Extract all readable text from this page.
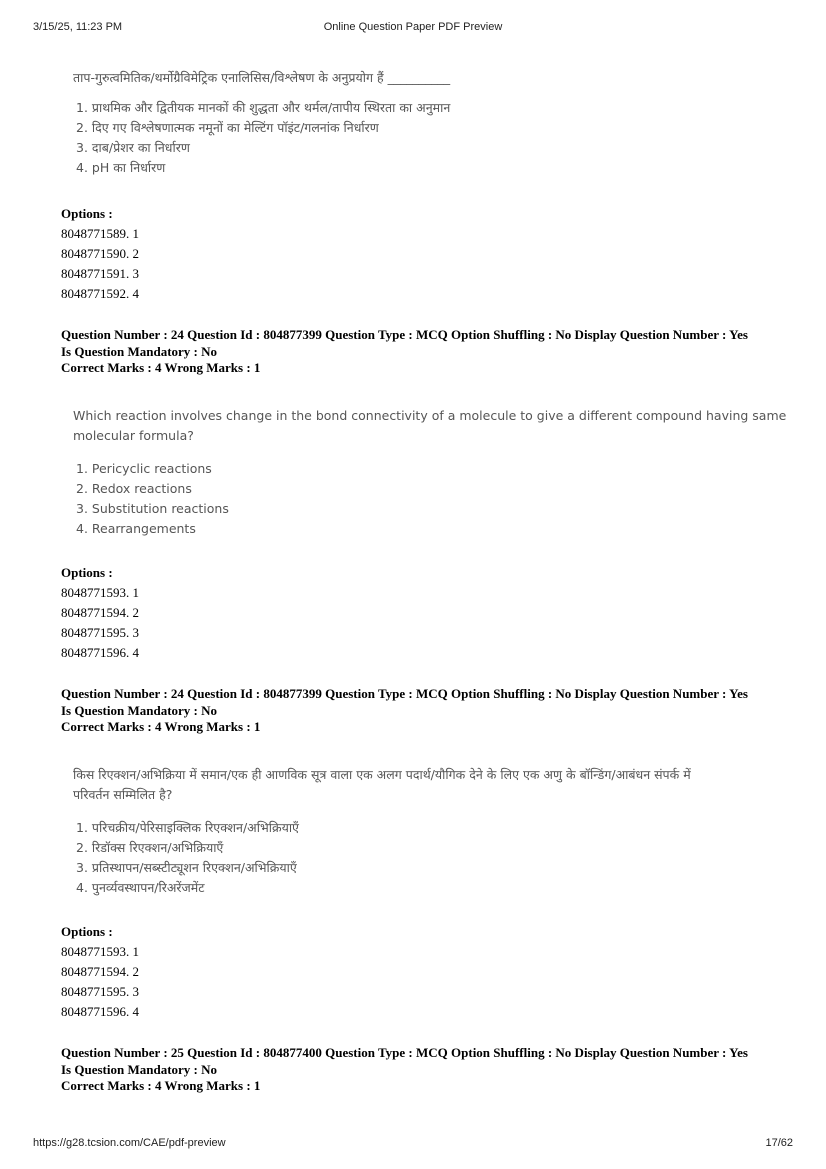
3/15/25, 11:23 PM	Online Question Paper PDF Preview
ताप-गुरुत्वमितिक/थर्मोग्रैविमेट्रिक एनालिसिस/विश्लेषण के अनुप्रयोग हैं __________
1. प्राथमिक और द्वितीयक मानकों की शुद्धता और थर्मल/तापीय स्थिरता का अनुमान
2. दिए गए विश्लेषणात्मक नमूनों का मेल्टिंग पॉइंट/गलनांक निर्धारण
3. दाब/प्रेशर का निर्धारण
4. pH का निर्धारण
Options :
8048771589. 1
8048771590. 2
8048771591. 3
8048771592. 4
Question Number : 24 Question Id : 804877399 Question Type : MCQ Option Shuffling : No Display Question Number : Yes
Is Question Mandatory : No
Correct Marks : 4 Wrong Marks : 1
Which reaction involves change in the bond connectivity of a molecule to give a different compound having same
molecular formula?
1. Pericyclic reactions
2. Redox reactions
3. Substitution reactions
4. Rearrangements
Options :
8048771593. 1
8048771594. 2
8048771595. 3
8048771596. 4
Question Number : 24 Question Id : 804877399 Question Type : MCQ Option Shuffling : No Display Question Number : Yes
Is Question Mandatory : No
Correct Marks : 4 Wrong Marks : 1
किस रिएक्शन/अभिक्रिया में समान/एक ही आणविक सूत्र वाला एक अलग पदार्थ/यौगिक देने के लिए एक अणु के बॉन्डिंग/आबंधन संपर्क में
परिवर्तन सम्मिलित है?
1. परिचक्रीय/पेरिसाइक्लिक रिएक्शन/अभिक्रियाएँ
2. रिडॉक्स रिएक्शन/अभिक्रियाएँ
3. प्रतिस्थापन/सब्स्टीट्यूशन रिएक्शन/अभिक्रियाएँ
4. पुनर्व्यवस्थापन/रिअरेंजमेंट
Options :
8048771593. 1
8048771594. 2
8048771595. 3
8048771596. 4
Question Number : 25 Question Id : 804877400 Question Type : MCQ Option Shuffling : No Display Question Number : Yes
Is Question Mandatory : No
Correct Marks : 4 Wrong Marks : 1
https://g28.tcsion.com/CAE/pdf-preview	17/62
